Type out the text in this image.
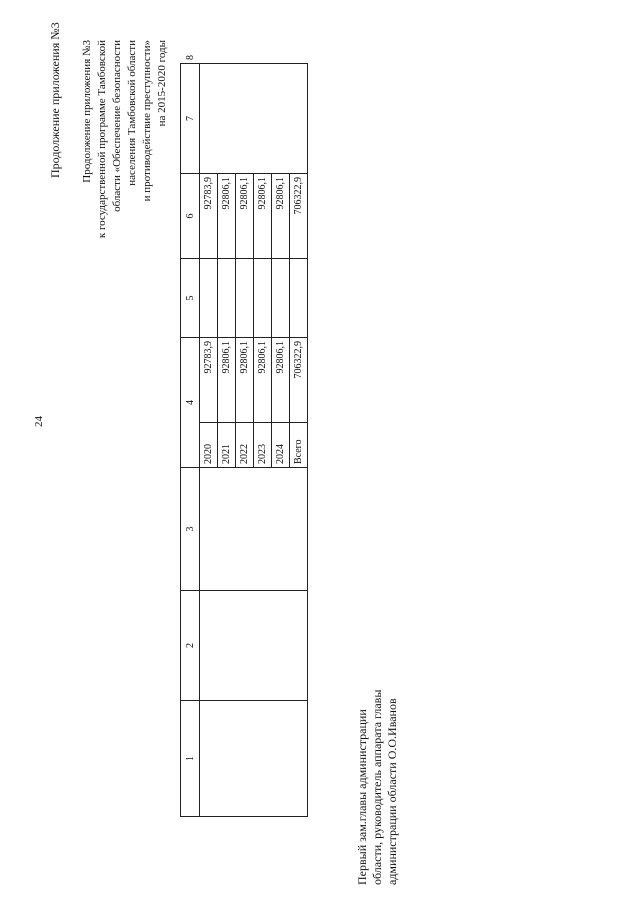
24
Продолжение приложения №3 Продолжение приложения №3 к государственной программе Тамбовской области «Обеспечение безопасности населения Тамбовской области и противодействие преступности» на 2015-2020 годы
1	2	3	4		5	6	7	8
			2020	92783,9		92783,9		
			2021	92806,1		92806,1		
			2022	92806,1		92806,1		
			2023	92806,1		92806,1		
			2024	92806,1		92806,1		
			Всего	706322,9		706322,9		
Первый зам.главы администрации области, руководитель аппарата главы администрации области О.О.Иванов
